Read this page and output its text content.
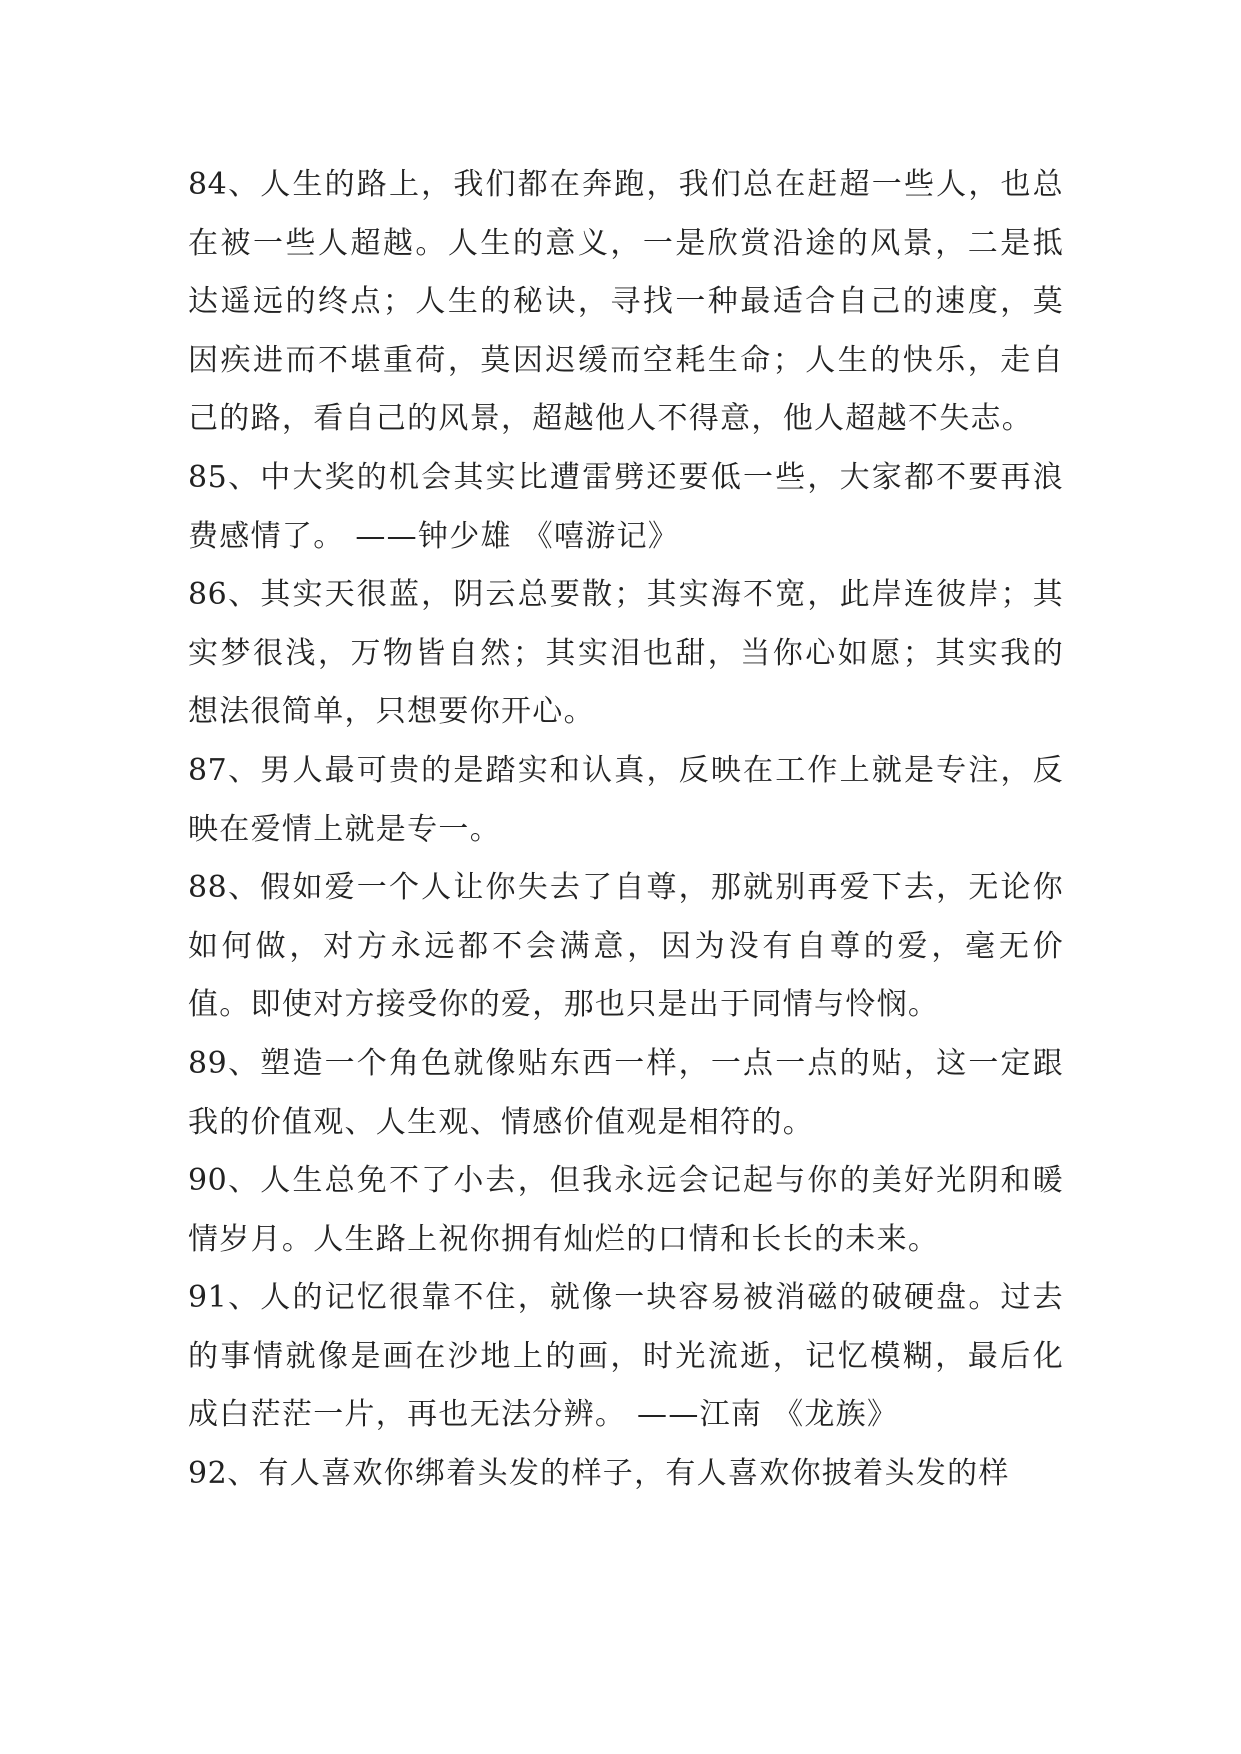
84、人生的路上，我们都在奔跑，我们总在赶超一些人，也总在被一些人超越。人生的意义，一是欣赏沿途的风景，二是抵达遥远的终点；人生的秘诀，寻找一种最适合自己的速度，莫因疾进而不堪重荷，莫因迟缓而空耗生命；人生的快乐，走自己的路，看自己的风景，超越他人不得意，他人超越不失志。

85、中大奖的机会其实比遭雷劈还要低一些，大家都不要再浪费感情了。 ——钟少雄 《嘻游记》

86、其实天很蓝，阴云总要散；其实海不宽，此岸连彼岸；其实梦很浅，万物皆自然；其实泪也甜，当你心如愿；其实我的想法很简单，只想要你开心。

87、男人最可贵的是踏实和认真，反映在工作上就是专注，反映在爱情上就是专一。

88、假如爱一个人让你失去了自尊，那就别再爱下去，无论你如何做，对方永远都不会满意，因为没有自尊的爱，毫无价值。即使对方接受你的爱，那也只是出于同情与怜悯。

89、塑造一个角色就像贴东西一样，一点一点的贴，这一定跟我的价值观、人生观、情感价值观是相符的。

90、人生总免不了小去，但我永远会记起与你的美好光阴和暖情岁月。人生路上祝你拥有灿烂的口情和长长的未来。

91、人的记忆很靠不住，就像一块容易被消磁的破硬盘。过去的事情就像是画在沙地上的画，时光流逝，记忆模糊，最后化成白茫茫一片，再也无法分辨。 ——江南 《龙族》

92、有人喜欢你绑着头发的样子，有人喜欢你披着头发的样
